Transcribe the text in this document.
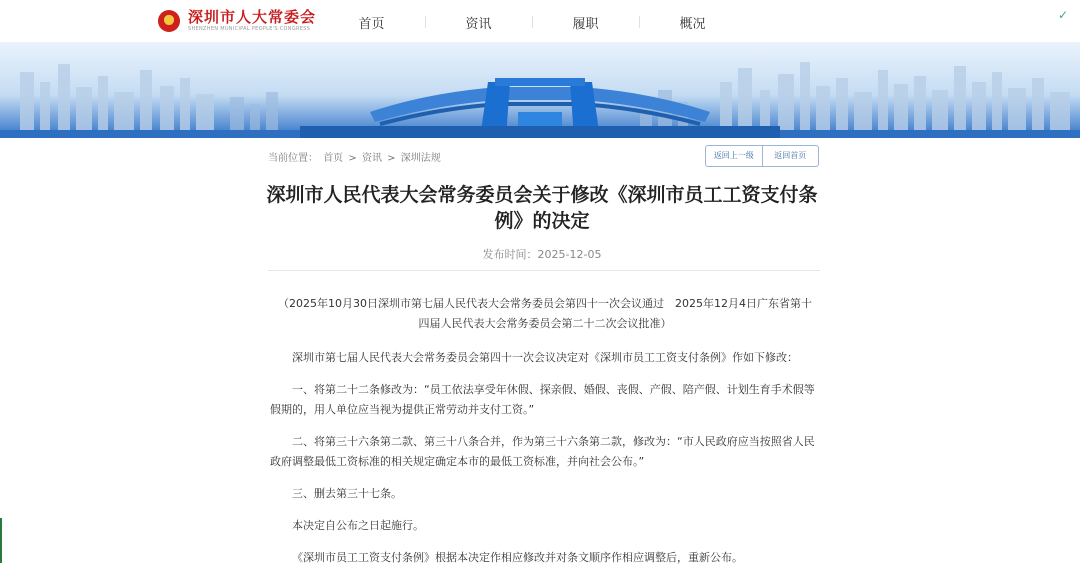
深圳市人大常委会
SHENZHEN MUNICIPAL PEOPLE'S CONGRESS	首页	资讯	履职	概况
✓
当前位置： 首页 > 资讯 > 深圳法规	返回上一级	返回首页
深圳市人民代表大会常务委员会关于修改《深圳市员工工资支付条例》的决定
发布时间：2025-12-05

（2025年10月30日深圳市第七届人民代表大会常务委员会第四十一次会议通过　2025年12月4日广东省第十四届人民代表大会常务委员会第二十二次会议批准）

深圳市第七届人民代表大会常务委员会第四十一次会议决定对《深圳市员工工资支付条例》作如下修改：

一、将第二十二条修改为：“员工依法享受年休假、探亲假、婚假、丧假、产假、陪产假、计划生育手术假等假期的，用人单位应当视为提供正常劳动并支付工资。”

二、将第三十六条第二款、第三十八条合并，作为第三十六条第二款，修改为：“市人民政府应当按照省人民政府调整最低工资标准的相关规定确定本市的最低工资标准，并向社会公布。”

三、删去第三十七条。

本决定自公布之日起施行。

《深圳市员工工资支付条例》根据本决定作相应修改并对条文顺序作相应调整后，重新公布。
